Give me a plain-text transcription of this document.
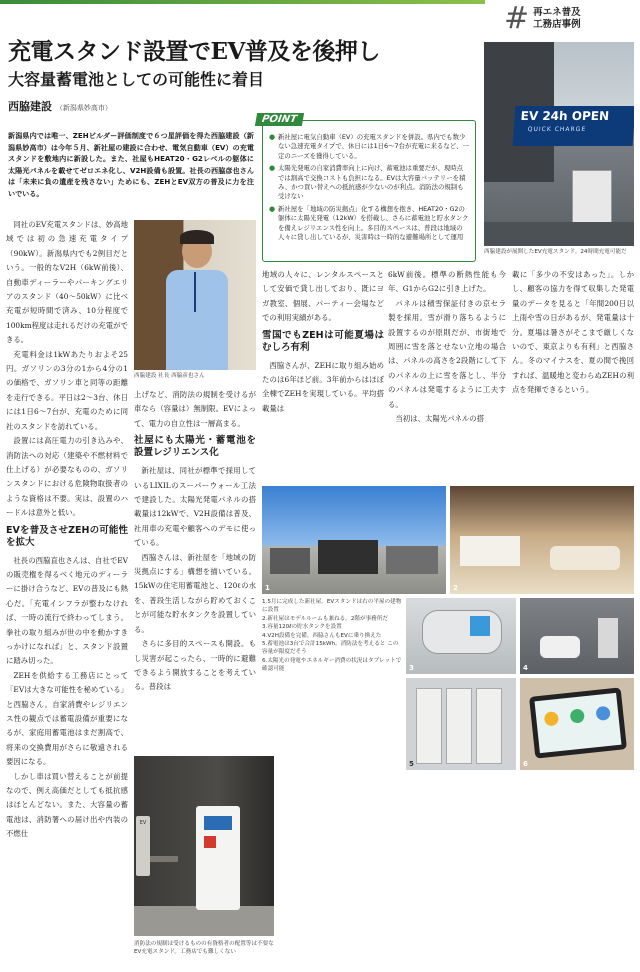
# 再エネ普及
工務店事例
充電スタンド設置でEV普及を後押し
大容量蓄電池としての可能性に着目
西脇建設 （新潟県妙高市）
新潟県内では唯一、ZEHビルダー評価制度で６つ星評価を得た西脇建設（新潟県妙高市）は今年５月、新社屋の建設に合わせ、電気自動車（EV）の充電スタンドを敷地内に新設した。また、社屋もHEAT20・G2レベルの躯体に太陽光パネルを載せてゼロエネ化し、V2H設備も設置。社長の西脇彦也さんは「未来に負の遺産を残さない」ためにも、ZEHとEV双方の普及に力を注いでいる。
● 新社屋に電気自動車（EV）の充電スタンドを併設。県内でも数少ない急速充電タイプで、休日には1日6～7台が充電に来るなど、一定のニーズを獲得している。
● 太陽光発電の自家消費率向上に向け、蓄電池は重要だが、現時点では割高で交換コストも負担になる。EVは大容量バッテリーを積み、かつ買い替えへの抵抗感が少ないのが利点。消防法の規制も受けない
● 新社屋を「地域の防災拠点」化する構想を抱き、HEAT20・G2の躯体に太陽光発電（12kW）を搭載し、さらに蓄電池と貯水タンクを備えレジリエンス性を向上。多目的スペースは、普段は地域の人々に貸し出しているが、災害時は一時的な避難場所として運用
POINT	EV 24h OPEN
QUICK CHARGE
西脇建設が展開したEV充電スタンド。24時間充電可能だ
西脇建設 社長 西脇彦也さん

同社のEV充電スタンドは、妙高地域では初の急速充電タイプ（90kW）。新潟県内でも2例目だという。一般的なV2H（6kW前後）、自動車ディーラーやパーキングエリアのスタンド（40～50kW）に比べ充電が短時間で済み、10分程度で100km程度は走れるだけの充電ができる。

充電料金は1kWあたりおよそ25円。ガソリンの3分の1から4分の1の価格で、ガソリン車と同等の距離を走行できる。平日は2～3台、休日には1日6～7台が、充電のために同社のスタンドを訪れている。

設置には高圧電力の引き込みや、消防法への対応（建築や不燃材料で仕上げる）が必要なものの、ガソリンスタンドにおける危険物取扱者のような資格は不要。実は、設置のハードルは意外と低い。

EVを普及させZEHの可能性を拡大

社長の西脇直也さんは、自社でEVの販売権を得るべく地元のディーラーに掛け合うなど、EVの普及にも熱心だ。「充電インフラが整わなければ、一時の流行で終わってしまう。拳社の取り組みが世の中を動かすきっかけになれば」と、スタンド設置に踏み切った。

ZEHを供給する工務店にとって「EVは大きな可能性を秘めている」と西脇さん。自家消費やレジリエンス性の観点では蓄電設備が重要になるが、家庭用蓄電池はまだ割高で、将来の交換費用がさらに敬遠される要因になる。

しかし車は買い替えることが前提なので、例え高価だとしても抵抗感はほとんどない。また、大容量の蓄電池は、消防署への届け出や内装の不燃仕

上げなど、消防法の規制を受けるが車なら（容量は）無制限。EVによって、電力の自立性は一層高まる。

社屋にも太陽光・蓄電池を設置レジリエンス化

新社屋は、同社が標準で採用しているLIXILのスーパーウォール工法で建設した。太陽光発電パネルの搭載量は12kWで、V2H設備は普及、社用車の充電や顧客へのデモに使っている。

西脇さんは、新社屋を「地域の防災拠点にする」構想を描いている。15kWの住宅用蓄電池と、120ℓの水を、普段生活しながら貯めておくことが可能な貯水タンクを設置している。

さらに多目的スペースも開設。もし災害が起こったら、一時的に避難できるよう開放することを考えている。普段は

地域の人々に、レンタルスペースとして安価で貸し出しており、既にヨガ教室、個展、パーティー会場などでの利用実績がある。

雪国でもZEHは可能夏場はむしろ有利

西脇さんが、ZEHに取り組み始めたのは6年ほど前。3年前からはほぼ全棟でZEHを実現している。平均搭載量は

6kW前後。標準の断熱性能も今年、G1からG2に引き上げた。

パネルは積雪保証付きの京セラ製を採用。雪が滑り落ちるように設置するのが原則だが、市街地で周囲に雪を落とせない立地の場合は、パネルの高さを2段階にして下のパネルの上に雪を落とし、半分のパネルは発電するように工夫する。

当初は、太陽光パネルの搭

載に「多少の不安はあった」。しかし、顧客の協力を得て収集した発電量のデータを見ると「年間200日以上雨や雪の日があるが、発電量は十分。夏場は暑さがそこまで厳しくないので、東京よりも有利」と西脇さん。冬のマイナスを、夏の間で挽回すれば、温暖地と変わらぬZEHの利点を発揮できるという。

1	2
1.5月に完成した新社屋。EVスタンドは右の平屋の建物に設置
2.新社屋はモデルルームも兼ねる。2階が事務所だ
3.容量120ℓの貯水タンクを設置
4.V2H設備を完備。西脇さんもEVに乗り換えた
5.蓄電池は3台で合計15kWh。消防法を考えると この容量が限度だそう
6.太陽光の発電やエネルギー消費の状況はタブレットで確認可能	3	4
5	6
EV
消防法の規制は受けるものの有資格者の配置等は不要なEV充電スタンド。工務店でも難しくない
